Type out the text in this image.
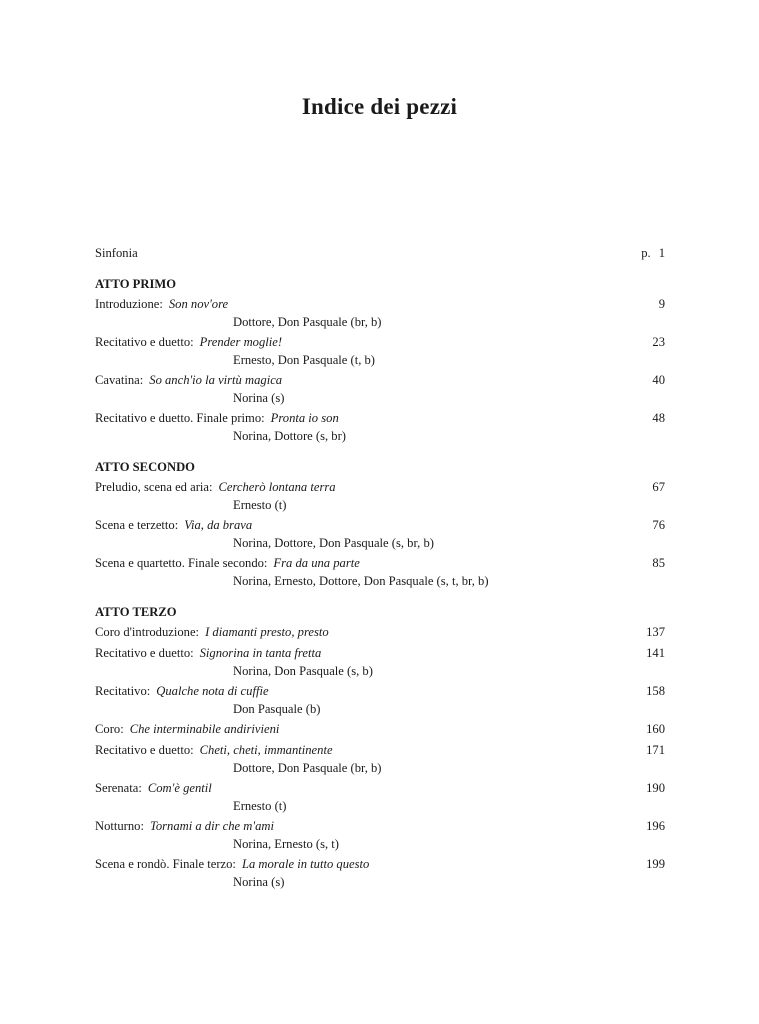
Indice dei pezzi
Sinfonia	p. 1
ATTO PRIMO
Introduzione: Son nov'ore	9
Dottore, Don Pasquale (br, b)
Recitativo e duetto: Prender moglie!	23
Ernesto, Don Pasquale (t, b)
Cavatina: So anch'io la virtù magica	40
Norina (s)
Recitativo e duetto. Finale primo: Pronta io son	48
Norina, Dottore (s, br)
ATTO SECONDO
Preludio, scena ed aria: Cercherò lontana terra	67
Ernesto (t)
Scena e terzetto: Via, da brava	76
Norina, Dottore, Don Pasquale (s, br, b)
Scena e quartetto. Finale secondo: Fra da una parte	85
Norina, Ernesto, Dottore, Don Pasquale (s, t, br, b)
ATTO TERZO
Coro d'introduzione: I diamanti presto, presto	137
Recitativo e duetto: Signorina in tanta fretta	141
Norina, Don Pasquale (s, b)
Recitativo: Qualche nota di cuffie	158
Don Pasquale (b)
Coro: Che interminabile andirivieni	160
Recitativo e duetto: Cheti, cheti, immantinente	171
Dottore, Don Pasquale (br, b)
Serenata: Com'è gentil	190
Ernesto (t)
Notturno: Tornami a dir che m'ami	196
Norina, Ernesto (s, t)
Scena e rondò. Finale terzo: La morale in tutto questo	199
Norina (s)
